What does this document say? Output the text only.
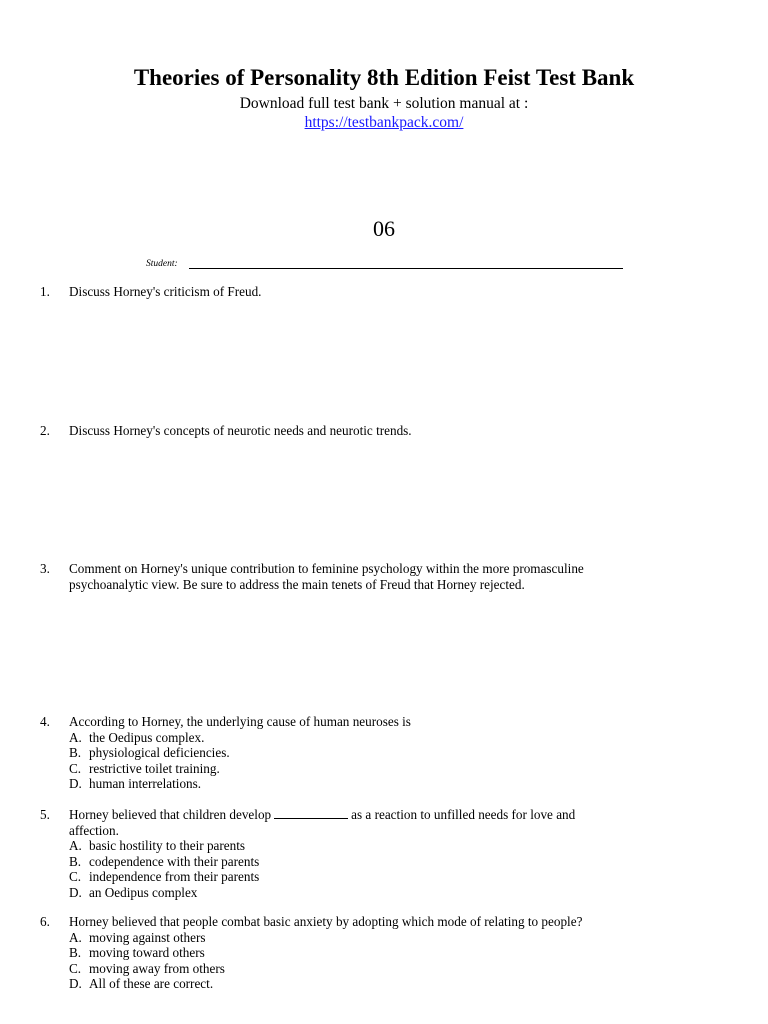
Theories of Personality 8th Edition Feist Test Bank
Download full test bank + solution manual at :
https://testbankpack.com/
06
Student:
1. Discuss Horney's criticism of Freud.
2. Discuss Horney's concepts of neurotic needs and neurotic trends.
3. Comment on Horney's unique contribution to feminine psychology within the more promasculine
psychoanalytic view. Be sure to address the main tenets of Freud that Horney rejected.
4. According to Horney, the underlying cause of human neuroses is
A. the Oedipus complex.
B. physiological deficiencies.
C. restrictive toilet training.
D. human interrelations.
5. Horney believed that children develop	as a reaction to unfilled needs for love and
affection.
A. basic hostility to their parents
B. codependence with their parents
C. independence from their parents
D. an Oedipus complex
6. Horney believed that people combat basic anxiety by adopting which mode of relating to people?
A. moving against others
B. moving toward others
C. moving away from others
D. All of these are correct.
